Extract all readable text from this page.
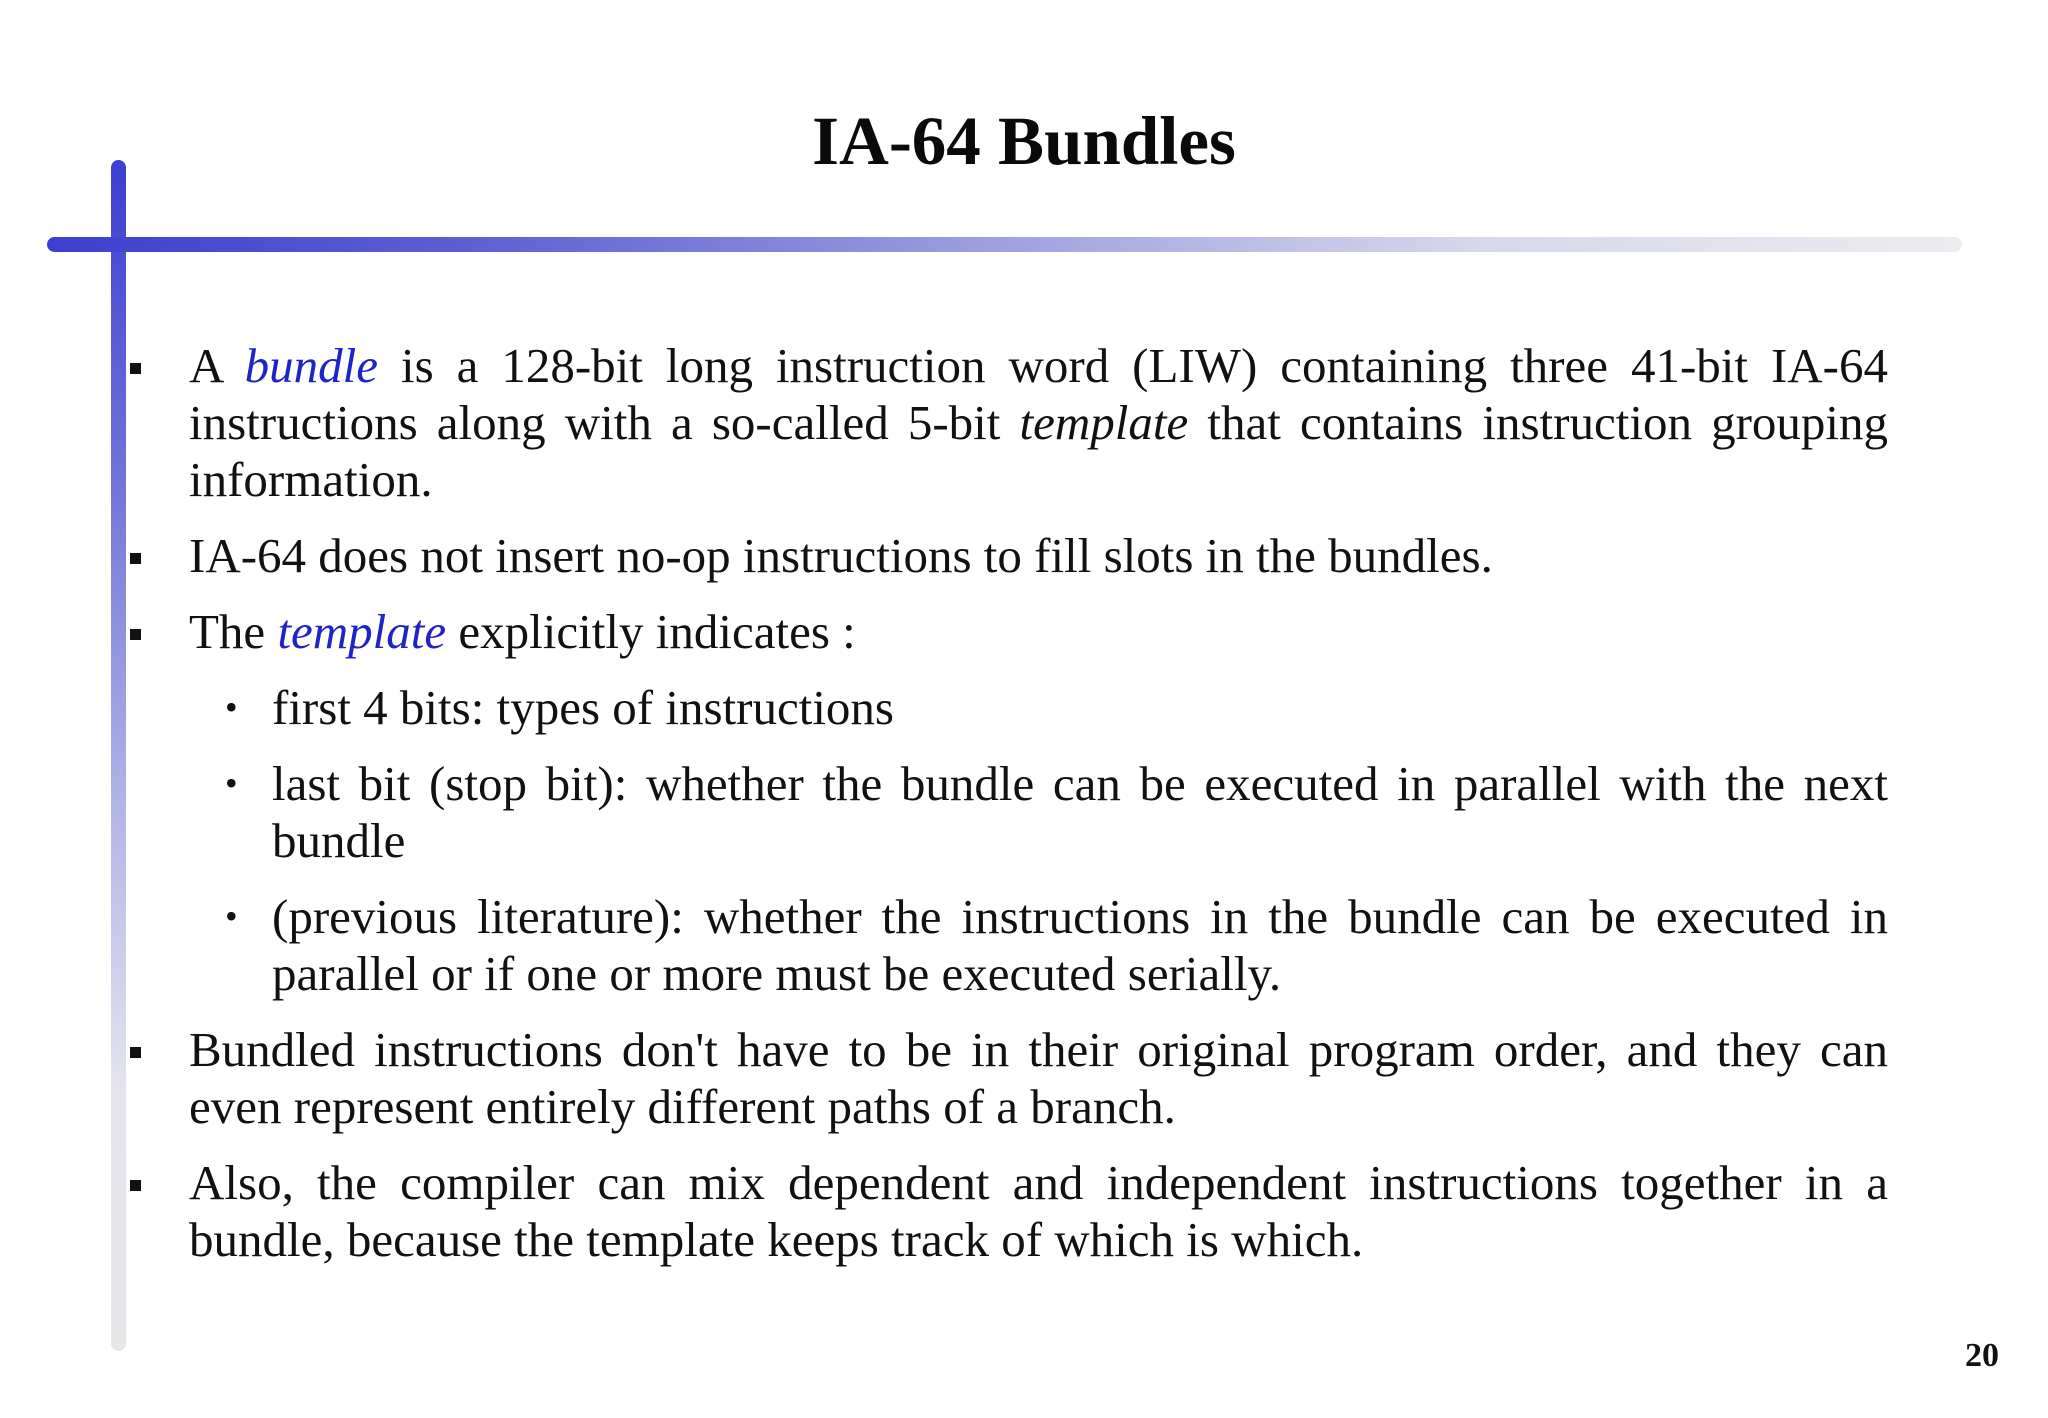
IA-64 Bundles
A bundle is a 128-bit long instruction word (LIW) containing three 41-bit IA-64 instructions along with a so-called 5-bit template that contains instruction grouping information.
IA-64 does not insert no-op instructions to fill slots in the bundles.
The template explicitly indicates :
• first 4 bits: types of instructions
• last bit (stop bit): whether the bundle can be executed in parallel with the next bundle
• (previous literature): whether the instructions in the bundle can be executed in parallel or if one or more must be executed serially.
Bundled instructions don't have to be in their original program order, and they can even represent entirely different paths of a branch.
Also, the compiler can mix dependent and independent instructions together in a bundle, because the template keeps track of which is which.
20
